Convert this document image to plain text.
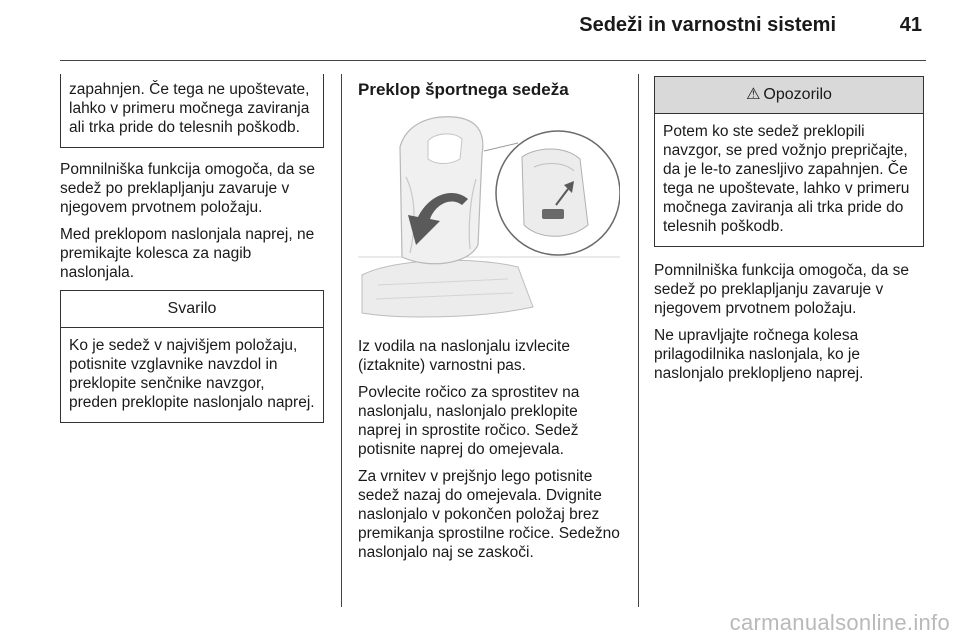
Sedeži in varnostni sistemi	41
zapahnjen. Če tega ne upoštevate, lahko v primeru močnega zaviranja ali trka pride do telesnih poškodb.

Pomnilniška funkcija omogoča, da se sedež po preklapljanju zavaruje v njegovem prvotnem položaju.

Med preklopom naslonjala naprej, ne premikajte kolesca za nagib naslonjala.

Svarilo
Ko je sedež v najvišjem položaju, potisnite vzglavnike navzdol in preklopite senčnike navzgor, preden preklopite naslonjalo naprej.
Preklop športnega sedeža

Iz vodila na naslonjalu izvlecite (iztaknite) varnostni pas.

Povlecite ročico za sprostitev na naslonjalu, naslonjalo preklopite naprej in sprostite ročico. Sedež potisnite naprej do omejevala.

Za vrnitev v prejšnjo lego potisnite sedež nazaj do omejevala. Dvignite naslonjalo v pokončen položaj brez premikanja sprostilne ročice. Sedežno naslonjalo naj se zaskoči.

⚠ Opozorilo
Potem ko ste sedež preklopili navzgor, se pred vožnjo prepričajte, da je le-to zanesljivo zapahnjen. Če tega ne upoštevate, lahko v primeru močnega zaviranja ali trka pride do telesnih poškodb.

Pomnilniška funkcija omogoča, da se sedež po preklapljanju zavaruje v njegovem prvotnem položaju.

Ne upravljajte ročnega kolesa prilagodilnika naslonjala, ko je naslonjalo preklopljeno naprej.

carmanualsonline.info
